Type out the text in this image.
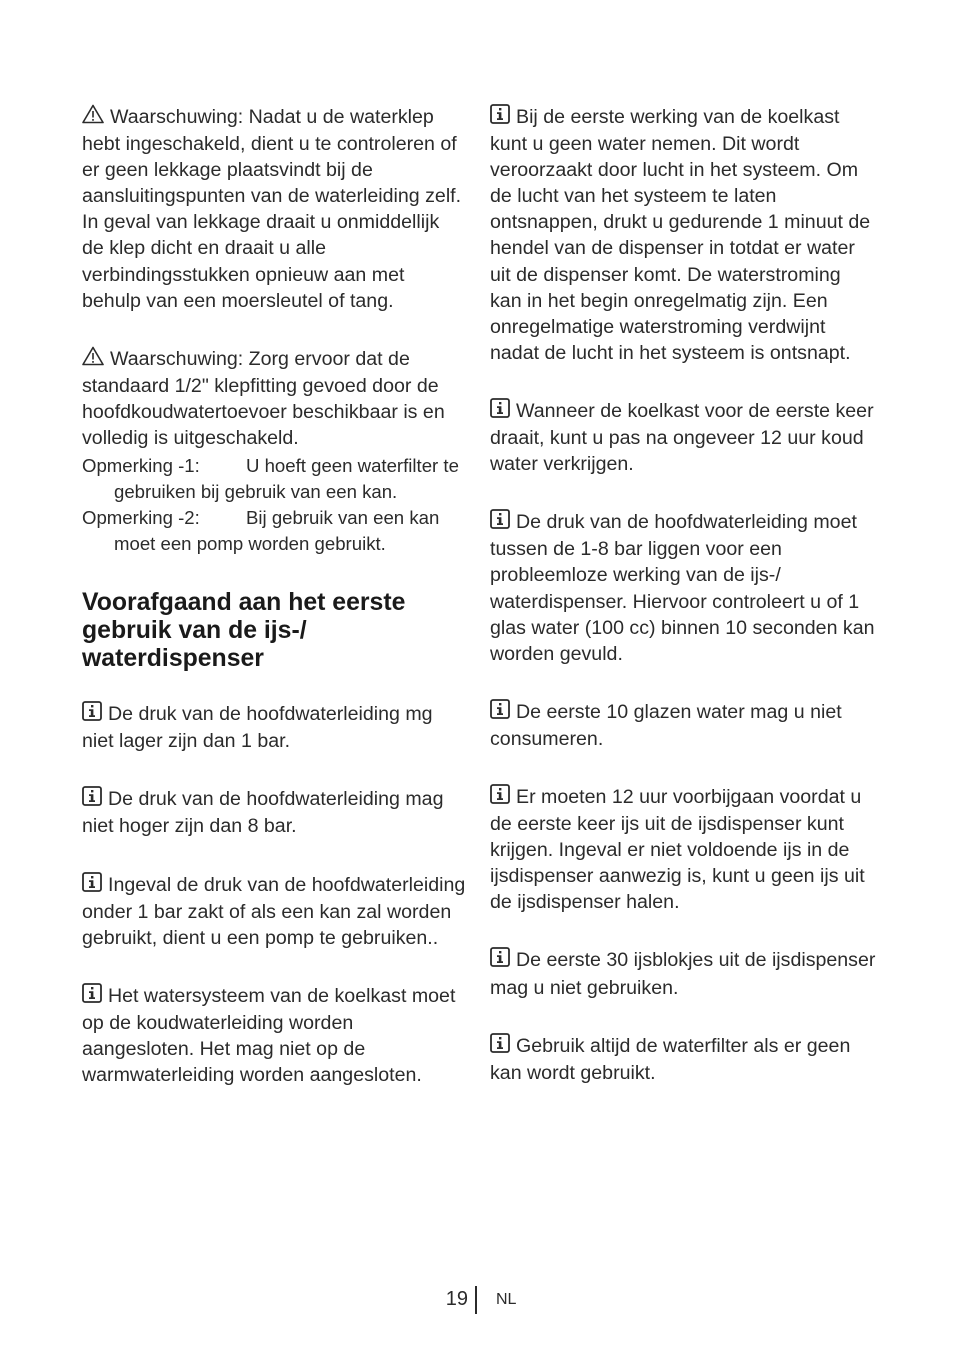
Waarschuwing: Nadat u de waterklep hebt ingeschakeld, dient u te controleren of er geen lekkage plaatsvindt bij de aansluitingspunten van de waterleiding zelf. In geval van lekkage draait u onmiddellijk de klep dicht en draait u alle verbindingsstukken opnieuw aan met behulp van een moersleutel of tang.

Waarschuwing: Zorg ervoor dat de standaard 1/2" klepfitting gevoed door de hoofdkoudwatertoevoer beschikbaar is en volledig is uitgeschakeld.

Opmerking -1: U hoeft geen waterfilter te gebruiken bij gebruik van een kan.
Opmerking -2: Bij gebruik van een kan moet een pomp worden gebruikt.
Voorafgaand aan het eerste gebruik van de ijs-/ waterdispenser

De druk van de hoofdwaterleiding mg niet lager zijn dan 1 bar.

De druk van de hoofdwaterleiding mag niet hoger zijn dan 8 bar.

Ingeval de druk van de hoofdwaterleiding onder 1 bar zakt of als een kan zal worden gebruikt, dient u een pomp te gebruiken..

Het watersysteem van de koelkast moet op de koudwaterleiding worden aangesloten. Het mag niet op de warmwaterleiding worden aangesloten.

Bij de eerste werking van de koelkast kunt u geen water nemen. Dit wordt veroorzaakt door lucht in het systeem. Om de lucht van het systeem te laten ontsnappen, drukt u gedurende 1 minuut de hendel van de dispenser in totdat er water uit de dispenser komt. De waterstroming kan in het begin onregelmatig zijn. Een onregelmatige waterstroming verdwijnt nadat de lucht in het systeem is ontsnapt.

Wanneer de koelkast voor de eerste keer draait, kunt u pas na ongeveer 12 uur koud water verkrijgen.

De druk van de hoofdwaterleiding moet tussen de 1-8 bar liggen voor een probleemloze werking van de ijs-/ waterdispenser. Hiervoor controleert u of 1 glas water (100 cc) binnen 10 seconden kan worden gevuld.

De eerste 10 glazen water mag u niet consumeren.

Er moeten 12 uur voorbijgaan voordat u de eerste keer ijs uit de ijsdispenser kunt krijgen. Ingeval er niet voldoende ijs in de ijsdispenser aanwezig is, kunt u geen ijs uit de ijsdispenser halen.

De eerste 30 ijsblokjes uit de ijsdispenser mag u niet gebruiken.

Gebruik altijd de waterfilter als er geen kan wordt gebruikt.

19 NL
